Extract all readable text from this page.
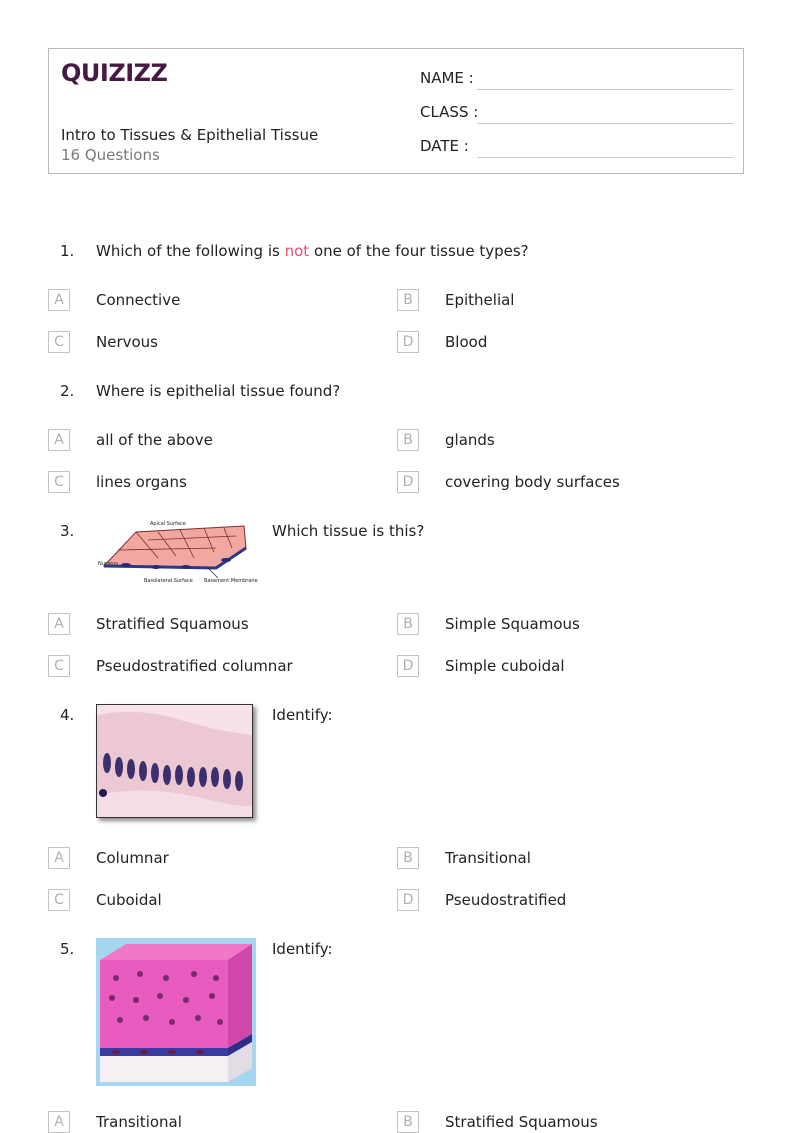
QUIZIZZ
Intro to Tissues & Epithelial Tissue
16 Questions
NAME :
CLASS :
DATE :
1. Which of the following is not one of the four tissue types?
A	Connective	B	Epithelial
C	Nervous	D	Blood
2. Where is epithelial tissue found?
A	all of the above	B	glands
C	lines organs	D	covering body surfaces
3.	Apical Surface
Nucleus
Basolateral Surface Basement Membrane
Which tissue is this?
A	Stratified Squamous	B	Simple Squamous
C	Pseudostratified columnar	D	Simple cuboidal
4.	Identify:
A	Columnar	B	Transitional
C	Cuboidal	D	Pseudostratified
5.	Identify:
A	Transitional	B	Stratified Squamous
